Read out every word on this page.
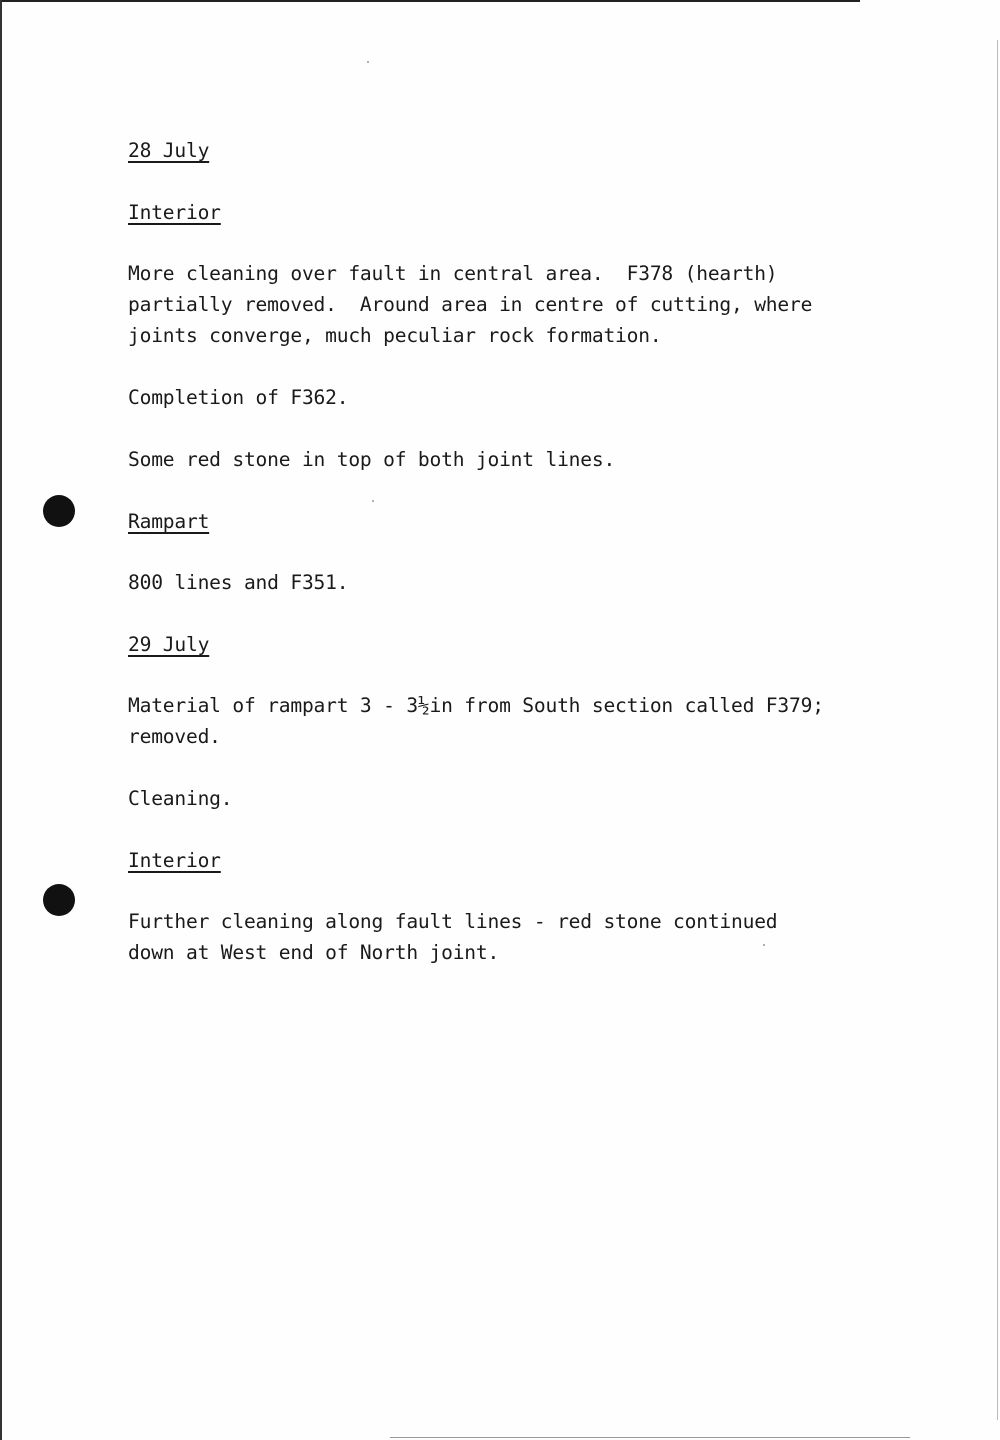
28 July

Interior

More cleaning over fault in central area.  F378 (hearth)
partially removed.  Around area in centre of cutting, where
joints converge, much peculiar rock formation.

Completion of F362.

Some red stone in top of both joint lines.

Rampart

800 lines and F351.

29 July

Material of rampart 3 - 3½in from South section called F379;
removed.

Cleaning.

Interior

Further cleaning along fault lines - red stone continued
down at West end of North joint.
